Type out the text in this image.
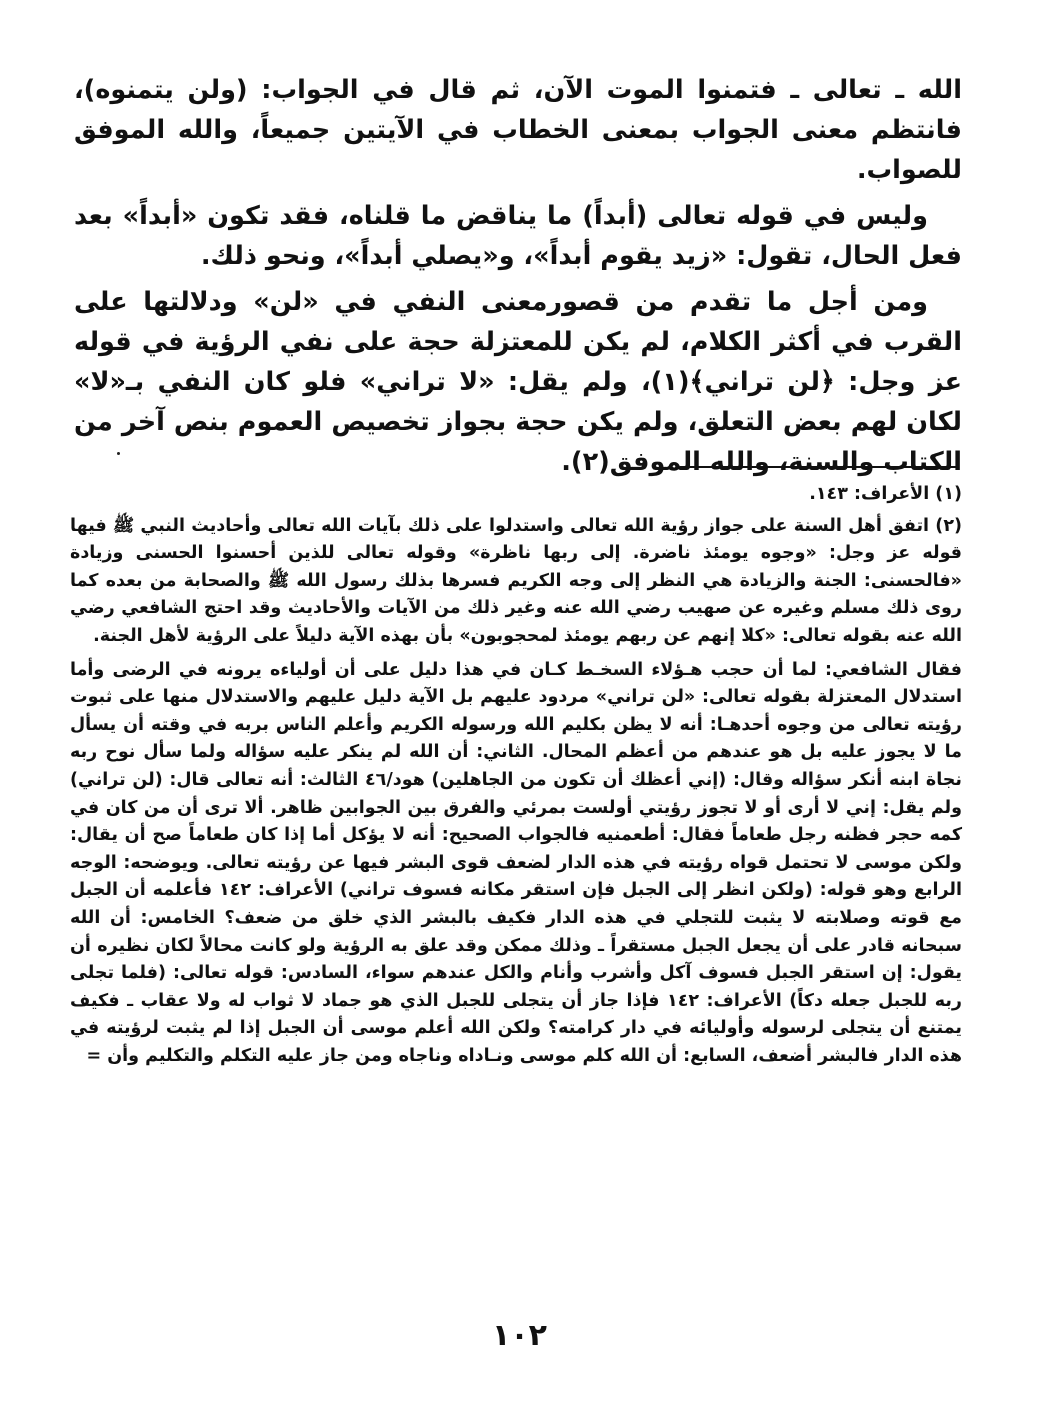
الله ـ تعالى ـ فتمنوا الموت الآن، ثم قال في الجواب: (ولن يتمنوه)، فانتظم معنى الجواب بمعنى الخطاب في الآيتين جميعاً، والله الموفق للصواب.

وليس في قوله تعالى (أبداً) ما يناقض ما قلناه، فقد تكون «أبداً» بعد فعل الحال، تقول: «زيد يقوم أبداً»، و«يصلي أبداً»، ونحو ذلك.

ومن أجل ما تقدم من قصورمعنى النفي في «لن» ودلالتها على القرب في أكثر الكلام، لم يكن للمعتزلة حجة على نفي الرؤية في قوله عز وجل: ﴿لن تراني﴾(١)، ولم يقل: «لا تراني» فلو كان النفي بـ«لا» لكان لهم بعض التعلق، ولم يكن حجة بجواز تخصيص العموم بنص آخر من الكتاب والسنة، والله الموفق(٢).

(١) الأعراف: ١٤٣.

(٢) اتفق أهل السنة على جواز رؤية الله تعالى واستدلوا على ذلك بآيات الله تعالى وأحاديث النبي ﷺ فيها قوله عز وجل: «وجوه يومئذ ناضرة. إلى ربها ناظرة» وقوله تعالى للذين أحسنوا الحسنى وزيادة «فالحسنى: الجنة والزيادة هي النظر إلى وجه الكريم فسرها بذلك رسول الله ﷺ والصحابة من بعده كما روى ذلك مسلم وغيره عن صهيب رضي الله عنه وغير ذلك من الآيات والأحاديث وقد احتج الشافعي رضي الله عنه بقوله تعالى: «كلا إنهم عن ربهم يومئذ لمحجوبون» بأن بهذه الآية دليلاً على الرؤية لأهل الجنة.

فقال الشافعي: لما أن حجب هـؤلاء السخـط كـان في هذا دليل على أن أولياءه يرونه في الرضى وأما استدلال المعتزلة بقوله تعالى: «لن تراني» مردود عليهم بل الآية دليل عليهم والاستدلال منها على ثبوت رؤيته تعالى من وجوه أحدهـا: أنه لا يظن بكليم الله ورسوله الكريم وأعلم الناس بربه في وقته أن يسأل ما لا يجوز عليه بل هو عندهم من أعظم المحال. الثاني: أن الله لم ينكر عليه سؤاله ولما سأل نوح ربه نجاة ابنه أنكر سؤاله وقال: (إني أعظك أن تكون من الجاهلين) هود/٤٦ الثالث: أنه تعالى قال: (لن تراني) ولم يقل: إني لا أرى أو لا تجوز رؤيتي أولست بمرئي والفرق بين الجوابين ظاهر. ألا ترى أن من كان في كمه حجر فظنه رجل طعاماً فقال: أطعمنيه فالجواب الصحيح: أنه لا يؤكل أما إذا كان طعاماً صح أن يقال: ولكن موسى لا تحتمل قواه رؤيته في هذه الدار لضعف قوى البشر فيها عن رؤيته تعالى. ويوضحه: الوجه الرابع وهو قوله: (ولكن انظر إلى الجبل فإن استقر مكانه فسوف تراني) الأعراف: ١٤٢ فأعلمه أن الجبل مع قوته وصلابته لا يثبت للتجلي في هذه الدار فكيف بالبشر الذي خلق من ضعف؟ الخامس: أن الله سبحانه قادر على أن يجعل الجبل مستقراً ـ وذلك ممكن وقد علق به الرؤية ولو كانت محالاً لكان نظيره أن يقول: إن استقر الجبل فسوف آكل وأشرب وأنام والكل عندهم سواء، السادس: قوله تعالى: (فلما تجلى ربه للجبل جعله دكاً) الأعراف: ١٤٢ فإذا جاز أن يتجلى للجبل الذي هو جماد لا ثواب له ولا عقاب ـ فكيف يمتنع أن يتجلى لرسوله وأوليائه في دار كرامته؟ ولكن الله أعلم موسى أن الجبل إذا لم يثبت لرؤيته في هذه الدار فالبشر أضعف، السابع: أن الله كلم موسى ونـاداه وناجاه ومن جاز عليه التكلم والتكليم وأن =

١٠٢
